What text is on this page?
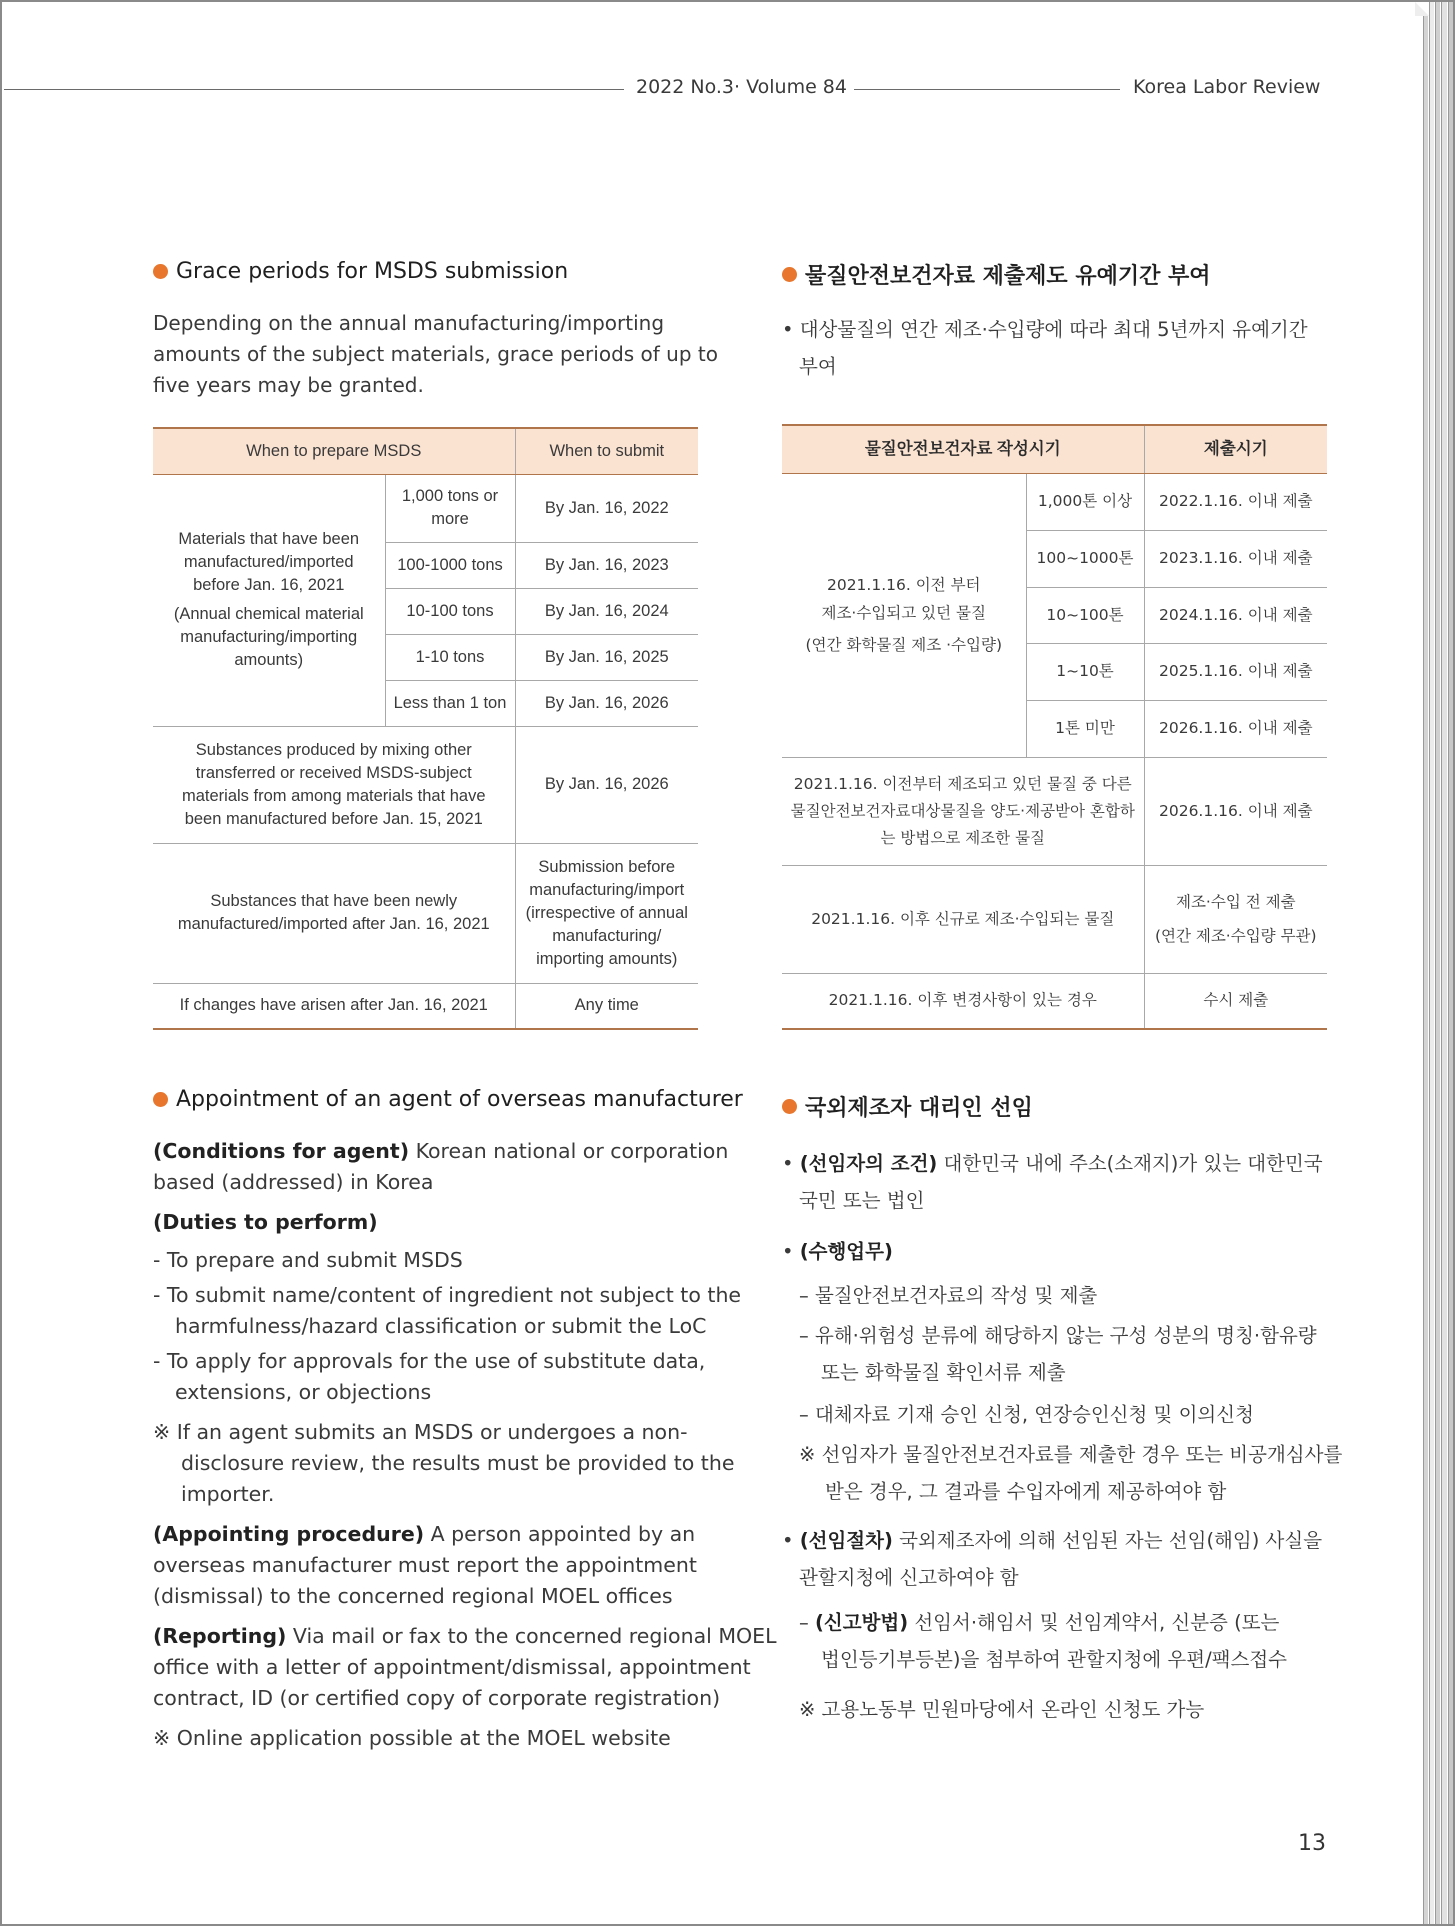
2022 No.3· Volume 84	Korea Labor Review
Grace periods for MSDS submission
Depending on the annual manufacturing/importing
amounts of the subject materials, grace periods of up to
five years may be granted.
When to prepare MSDS		When to submit

Materials that have been manufactured/imported before Jan. 16, 2021
(Annual chemical material manufacturing/importing amounts)	1,000 tons or more	By Jan. 16, 2022
	100-1000 tons	By Jan. 16, 2023
	10-100 tons	By Jan. 16, 2024
	1-10 tons	By Jan. 16, 2025
	Less than 1 ton	By Jan. 16, 2026
Substances produced by mixing other transferred or received MSDS-subject materials from among materials that have been manufactured before Jan. 15, 2021		By Jan. 16, 2026
Substances that have been newly manufactured/imported after Jan. 16, 2021		Submission before manufacturing/import (irrespective of annual manufacturing/ importing amounts)
If changes have arisen after Jan. 16, 2021		Any time
물질안전보건자료 제출제도 유예기간 부여
• 대상물질의 연간 제조·수입량에 따라 최대 5년까지 유예기간
부여
물질안전보건자료 작성시기		제출시기

2021.1.16. 이전 부터
제조·수입되고 있던 물질
(연간 화학물질 제조 ·수입량)	1,000톤 이상	2022.1.16. 이내 제출
	100~1000톤	2023.1.16. 이내 제출
	10~100톤	2024.1.16. 이내 제출
	1~10톤	2025.1.16. 이내 제출
	1톤 미만	2026.1.16. 이내 제출
2021.1.16. 이전부터 제조되고 있던 물질 중 다른 물질안전보건자료대상물질을 양도·제공받아 혼합하는 방법으로 제조한 물질		2026.1.16. 이내 제출
2021.1.16. 이후 신규로 제조·수입되는 물질		제조·수입 전 제출
(연간 제조·수입량 무관)

2021.1.16. 이후 변경사항이 있는 경우		수시 제출
Appointment of an agent of overseas manufacturer
(Conditions for agent) Korean national or corporation
based (addressed) in Korea
(Duties to perform)
- To prepare and submit MSDS
- To submit name/content of ingredient not subject to the
harmfulness/hazard classification or submit the LoC
- To apply for approvals for the use of substitute data,
extensions, or objections
※ If an agent submits an MSDS or undergoes a non-
disclosure review, the results must be provided to the
importer.
(Appointing procedure) A person appointed by an
overseas manufacturer must report the appointment
(dismissal) to the concerned regional MOEL offices
(Reporting) Via mail or fax to the concerned regional MOEL
office with a letter of appointment/dismissal, appointment
contract, ID (or certified copy of corporate registration)
※ Online application possible at the MOEL website
국외제조자 대리인 선임
• (선임자의 조건) 대한민국 내에 주소(소재지)가 있는 대한민국
국민 또는 법인
• (수행업무)
– 물질안전보건자료의 작성 및 제출
– 유해·위험성 분류에 해당하지 않는 구성 성분의 명칭·함유량
또는 화학물질 확인서류 제출
– 대체자료 기재 승인 신청, 연장승인신청 및 이의신청
※ 선임자가 물질안전보건자료를 제출한 경우 또는 비공개심사를
받은 경우, 그 결과를 수입자에게 제공하여야 함
• (선임절차) 국외제조자에 의해 선임된 자는 선임(해임) 사실을
관할지청에 신고하여야 함
– (신고방법) 선임서·해임서 및 선임계약서, 신분증 (또는
법인등기부등본)을 첨부하여 관할지청에 우편/팩스접수
※ 고용노동부 민원마당에서 온라인 신청도 가능
13
